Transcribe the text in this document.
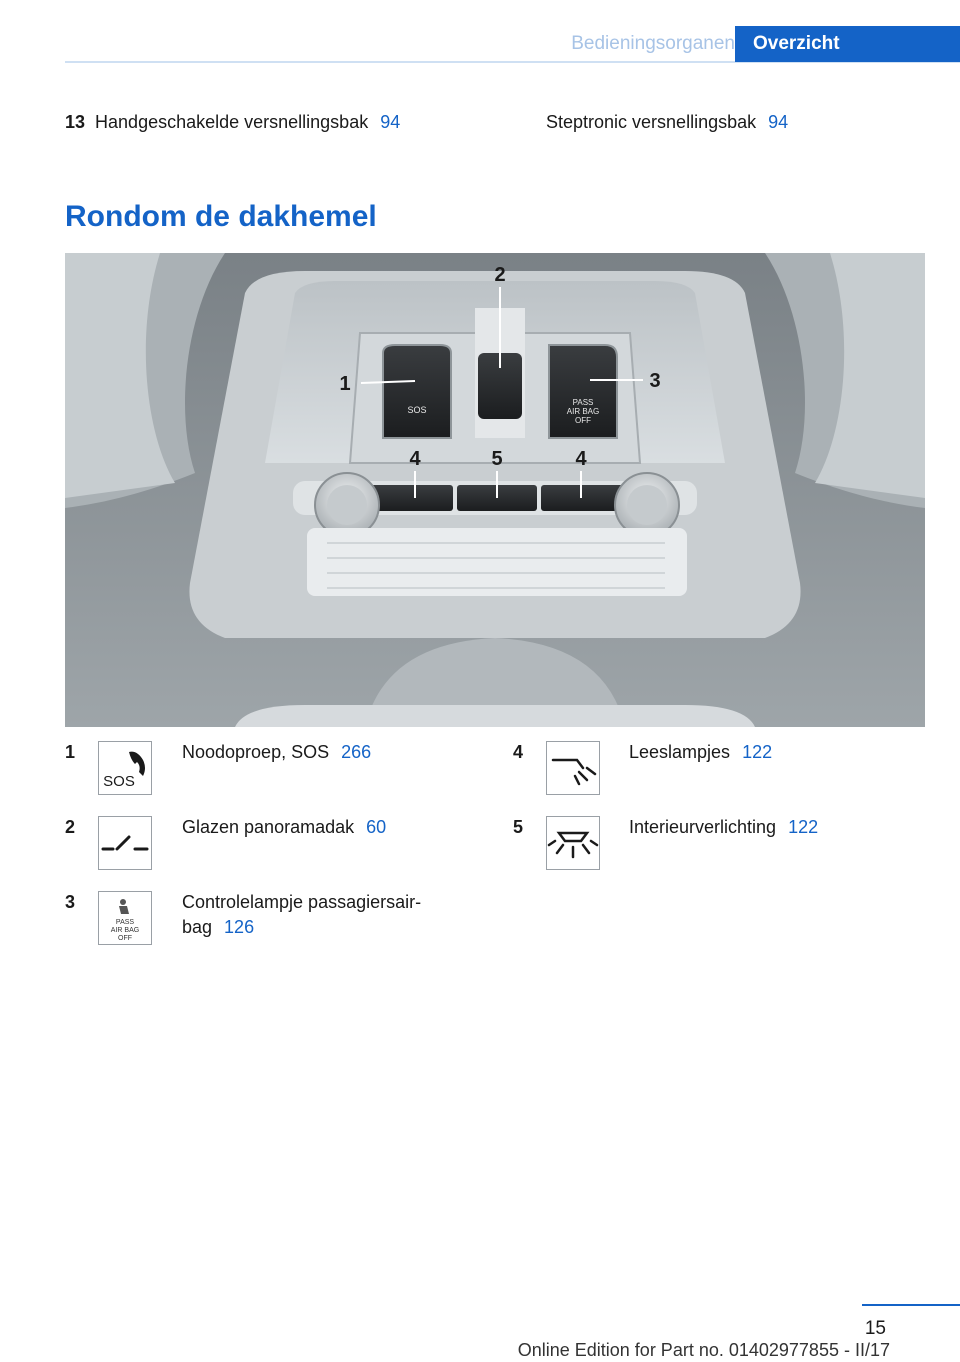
Bedieningsorganen Overzicht
13 Handgeschakelde versnellingsbak 94	Steptronic versnellingsbak 94
Rondom de dakhemel
SOS
PASS
AIR BAG
OFF
1
2
3
4	5	4
1
SOS
Noodoproep, SOS 266
2	Glazen panoramadak 60
3
PASS
AIR BAG
OFF
Controlelampje passagiersair-
bag 126
4	Leeslampjes 122
5	Interieurverlichting 122
15
Online Edition for Part no. 01402977855 - II/17
